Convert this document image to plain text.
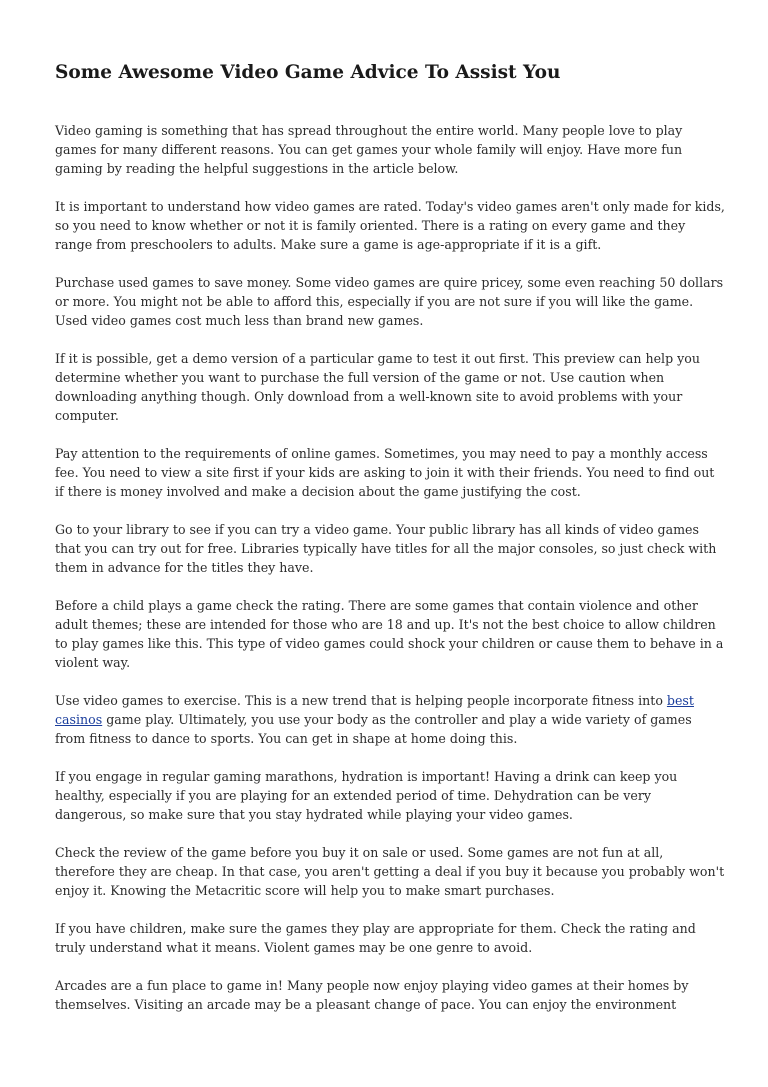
Some Awesome Video Game Advice To Assist You

Video gaming is something that has spread throughout the entire world. Many people love to play games for many different reasons. You can get games your whole family will enjoy. Have more fun gaming by reading the helpful suggestions in the article below.

It is important to understand how video games are rated. Today's video games aren't only made for kids, so you need to know whether or not it is family oriented. There is a rating on every game and they range from preschoolers to adults. Make sure a game is age-appropriate if it is a gift.

Purchase used games to save money. Some video games are quire pricey, some even reaching 50 dollars or more. You might not be able to afford this, especially if you are not sure if you will like the game. Used video games cost much less than brand new games.

If it is possible, get a demo version of a particular game to test it out first. This preview can help you determine whether you want to purchase the full version of the game or not. Use caution when downloading anything though. Only download from a well-known site to avoid problems with your computer.

Pay attention to the requirements of online games. Sometimes, you may need to pay a monthly access fee. You need to view a site first if your kids are asking to join it with their friends. You need to find out if there is money involved and make a decision about the game justifying the cost.

Go to your library to see if you can try a video game. Your public library has all kinds of video games that you can try out for free. Libraries typically have titles for all the major consoles, so just check with them in advance for the titles they have.

Before a child plays a game check the rating. There are some games that contain violence and other adult themes; these are intended for those who are 18 and up. It's not the best choice to allow children to play games like this. This type of video games could shock your children or cause them to behave in a violent way.

Use video games to exercise. This is a new trend that is helping people incorporate fitness into best casinos game play. Ultimately, you use your body as the controller and play a wide variety of games from fitness to dance to sports. You can get in shape at home doing this.

If you engage in regular gaming marathons, hydration is important! Having a drink can keep you healthy, especially if you are playing for an extended period of time. Dehydration can be very dangerous, so make sure that you stay hydrated while playing your video games.

Check the review of the game before you buy it on sale or used. Some games are not fun at all, therefore they are cheap. In that case, you aren't getting a deal if you buy it because you probably won't enjoy it. Knowing the Metacritic score will help you to make smart purchases.

If you have children, make sure the games they play are appropriate for them. Check the rating and truly understand what it means. Violent games may be one genre to avoid.

Arcades are a fun place to game in! Many people now enjoy playing video games at their homes by themselves. Visiting an arcade may be a pleasant change of pace. You can enjoy the environment
